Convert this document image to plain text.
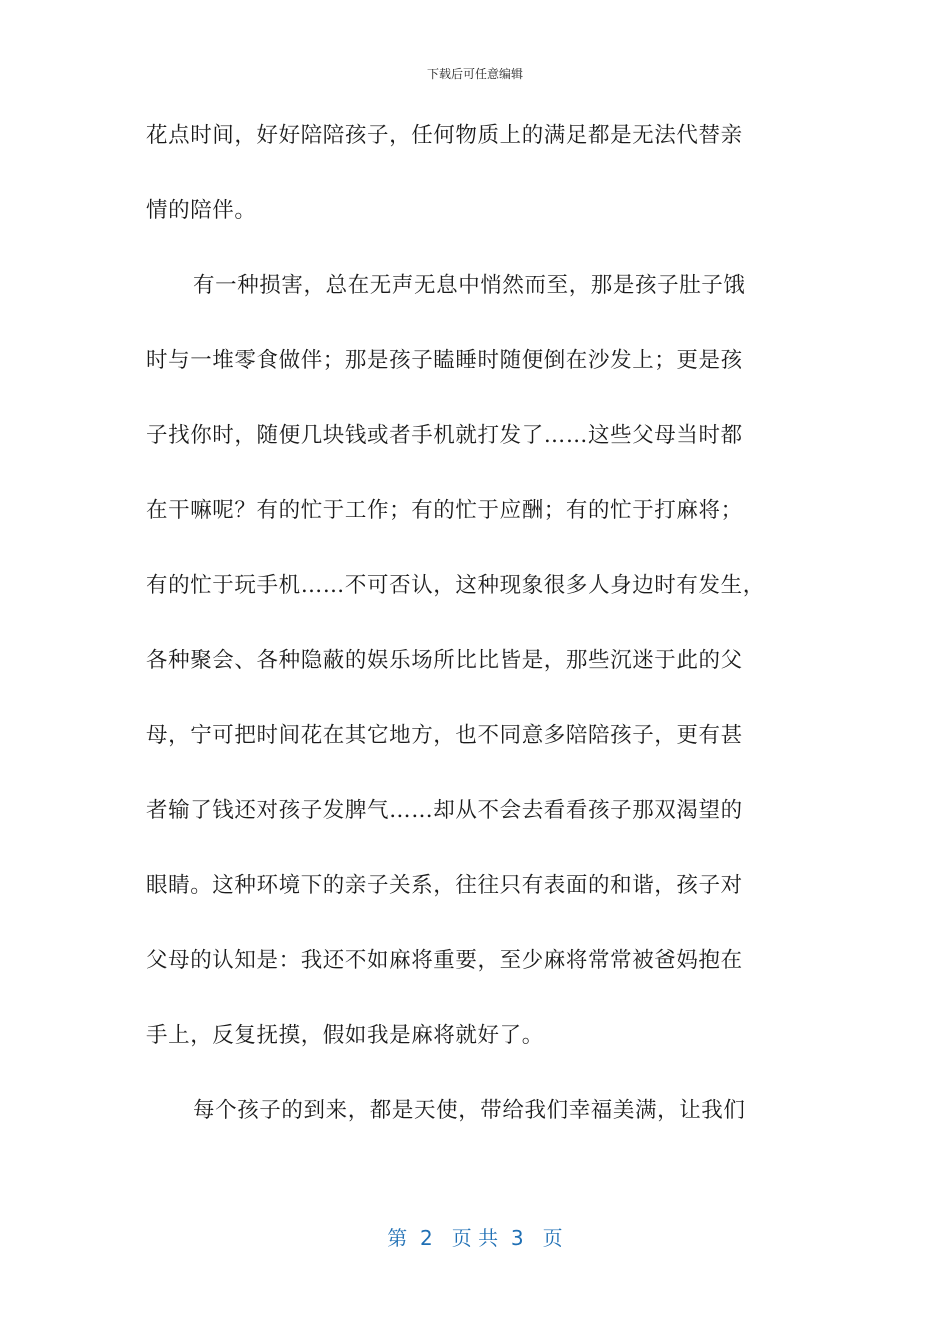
下载后可任意编辑
花点时间，好好陪陪孩子，任何物质上的满足都是无法代替亲
情的陪伴。
有一种损害，总在无声无息中悄然而至，那是孩子肚子饿
时与一堆零食做伴；那是孩子瞌睡时随便倒在沙发上；更是孩
子找你时，随便几块钱或者手机就打发了……这些父母当时都
在干嘛呢？有的忙于工作；有的忙于应酬；有的忙于打麻将；
有的忙于玩手机……不可否认，这种现象很多人身边时有发生，
各种聚会、各种隐蔽的娱乐场所比比皆是，那些沉迷于此的父
母，宁可把时间花在其它地方，也不同意多陪陪孩子，更有甚
者输了钱还对孩子发脾气……却从不会去看看孩子那双渴望的
眼睛。这种环境下的亲子关系，往往只有表面的和谐，孩子对
父母的认知是：我还不如麻将重要，至少麻将常常被爸妈抱在
手上，反复抚摸，假如我是麻将就好了。
每个孩子的到来，都是天使，带给我们幸福美满，让我们
第  2   页 共  3   页
